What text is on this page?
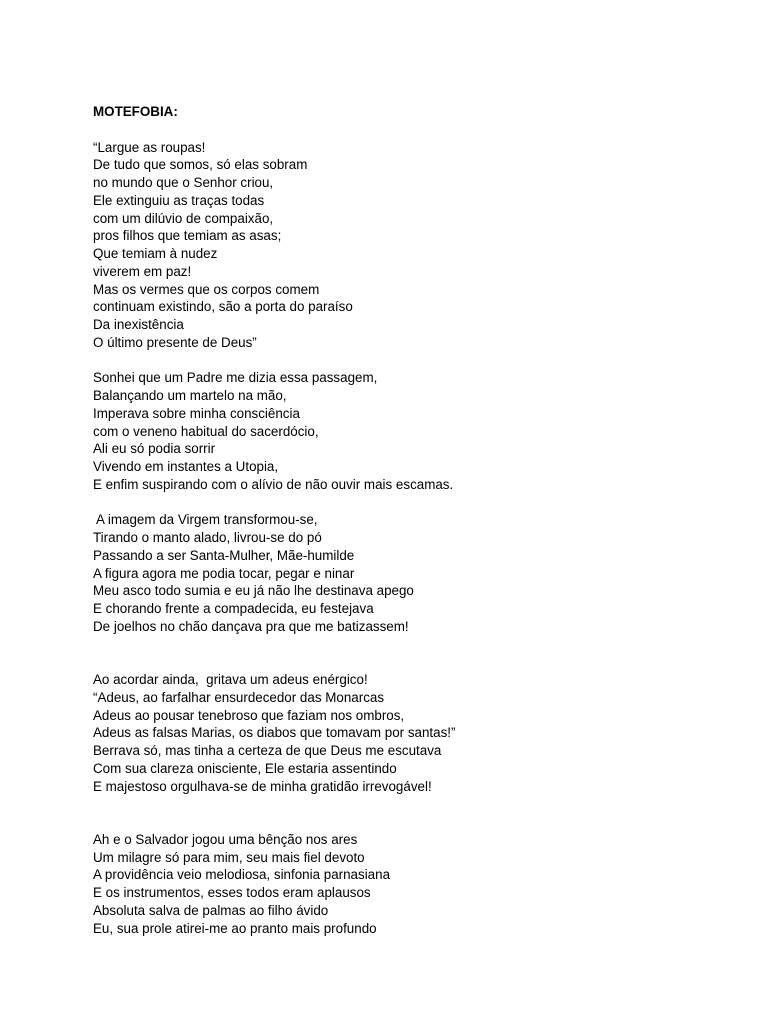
MOTEFOBIA:
“Largue as roupas!
De tudo que somos, só elas sobram
no mundo que o Senhor criou,
Ele extinguiu as traças todas
com um dilúvio de compaixão,
pros filhos que temiam as asas;
Que temiam à nudez
viverem em paz!
Mas os vermes que os corpos comem
continuam existindo, são a porta do paraíso
Da inexistência
O último presente de Deus”
Sonhei que um Padre me dizia essa passagem,
Balançando um martelo na mão,
Imperava sobre minha consciência
com o veneno habitual do sacerdócio,
Ali eu só podia sorrir
Vivendo em instantes a Utopia,
E enfim suspirando com o alívio de não ouvir mais escamas.
A imagem da Virgem transformou-se,
Tirando o manto alado, livrou-se do pó
Passando a ser Santa-Mulher, Mãe-humilde
A figura agora me podia tocar, pegar e ninar
Meu asco todo sumia e eu já não lhe destinava apego
E chorando frente a compadecida, eu festejava
De joelhos no chão dançava pra que me batizassem!
Ao acordar ainda,  gritava um adeus enérgico!
“Adeus, ao farfalhar ensurdecedor das Monarcas
Adeus ao pousar tenebroso que faziam nos ombros,
Adeus as falsas Marias, os diabos que tomavam por santas!”
Berrava só, mas tinha a certeza de que Deus me escutava
Com sua clareza onisciente, Ele estaria assentindo
E majestoso orgulhava-se de minha gratidão irrevogável!
Ah e o Salvador jogou uma bênção nos ares
Um milagre só para mim, seu mais fiel devoto
A providência veio melodiosa, sinfonia parnasiana
E os instrumentos, esses todos eram aplausos
Absoluta salva de palmas ao filho ávido
Eu, sua prole atirei-me ao pranto mais profundo
